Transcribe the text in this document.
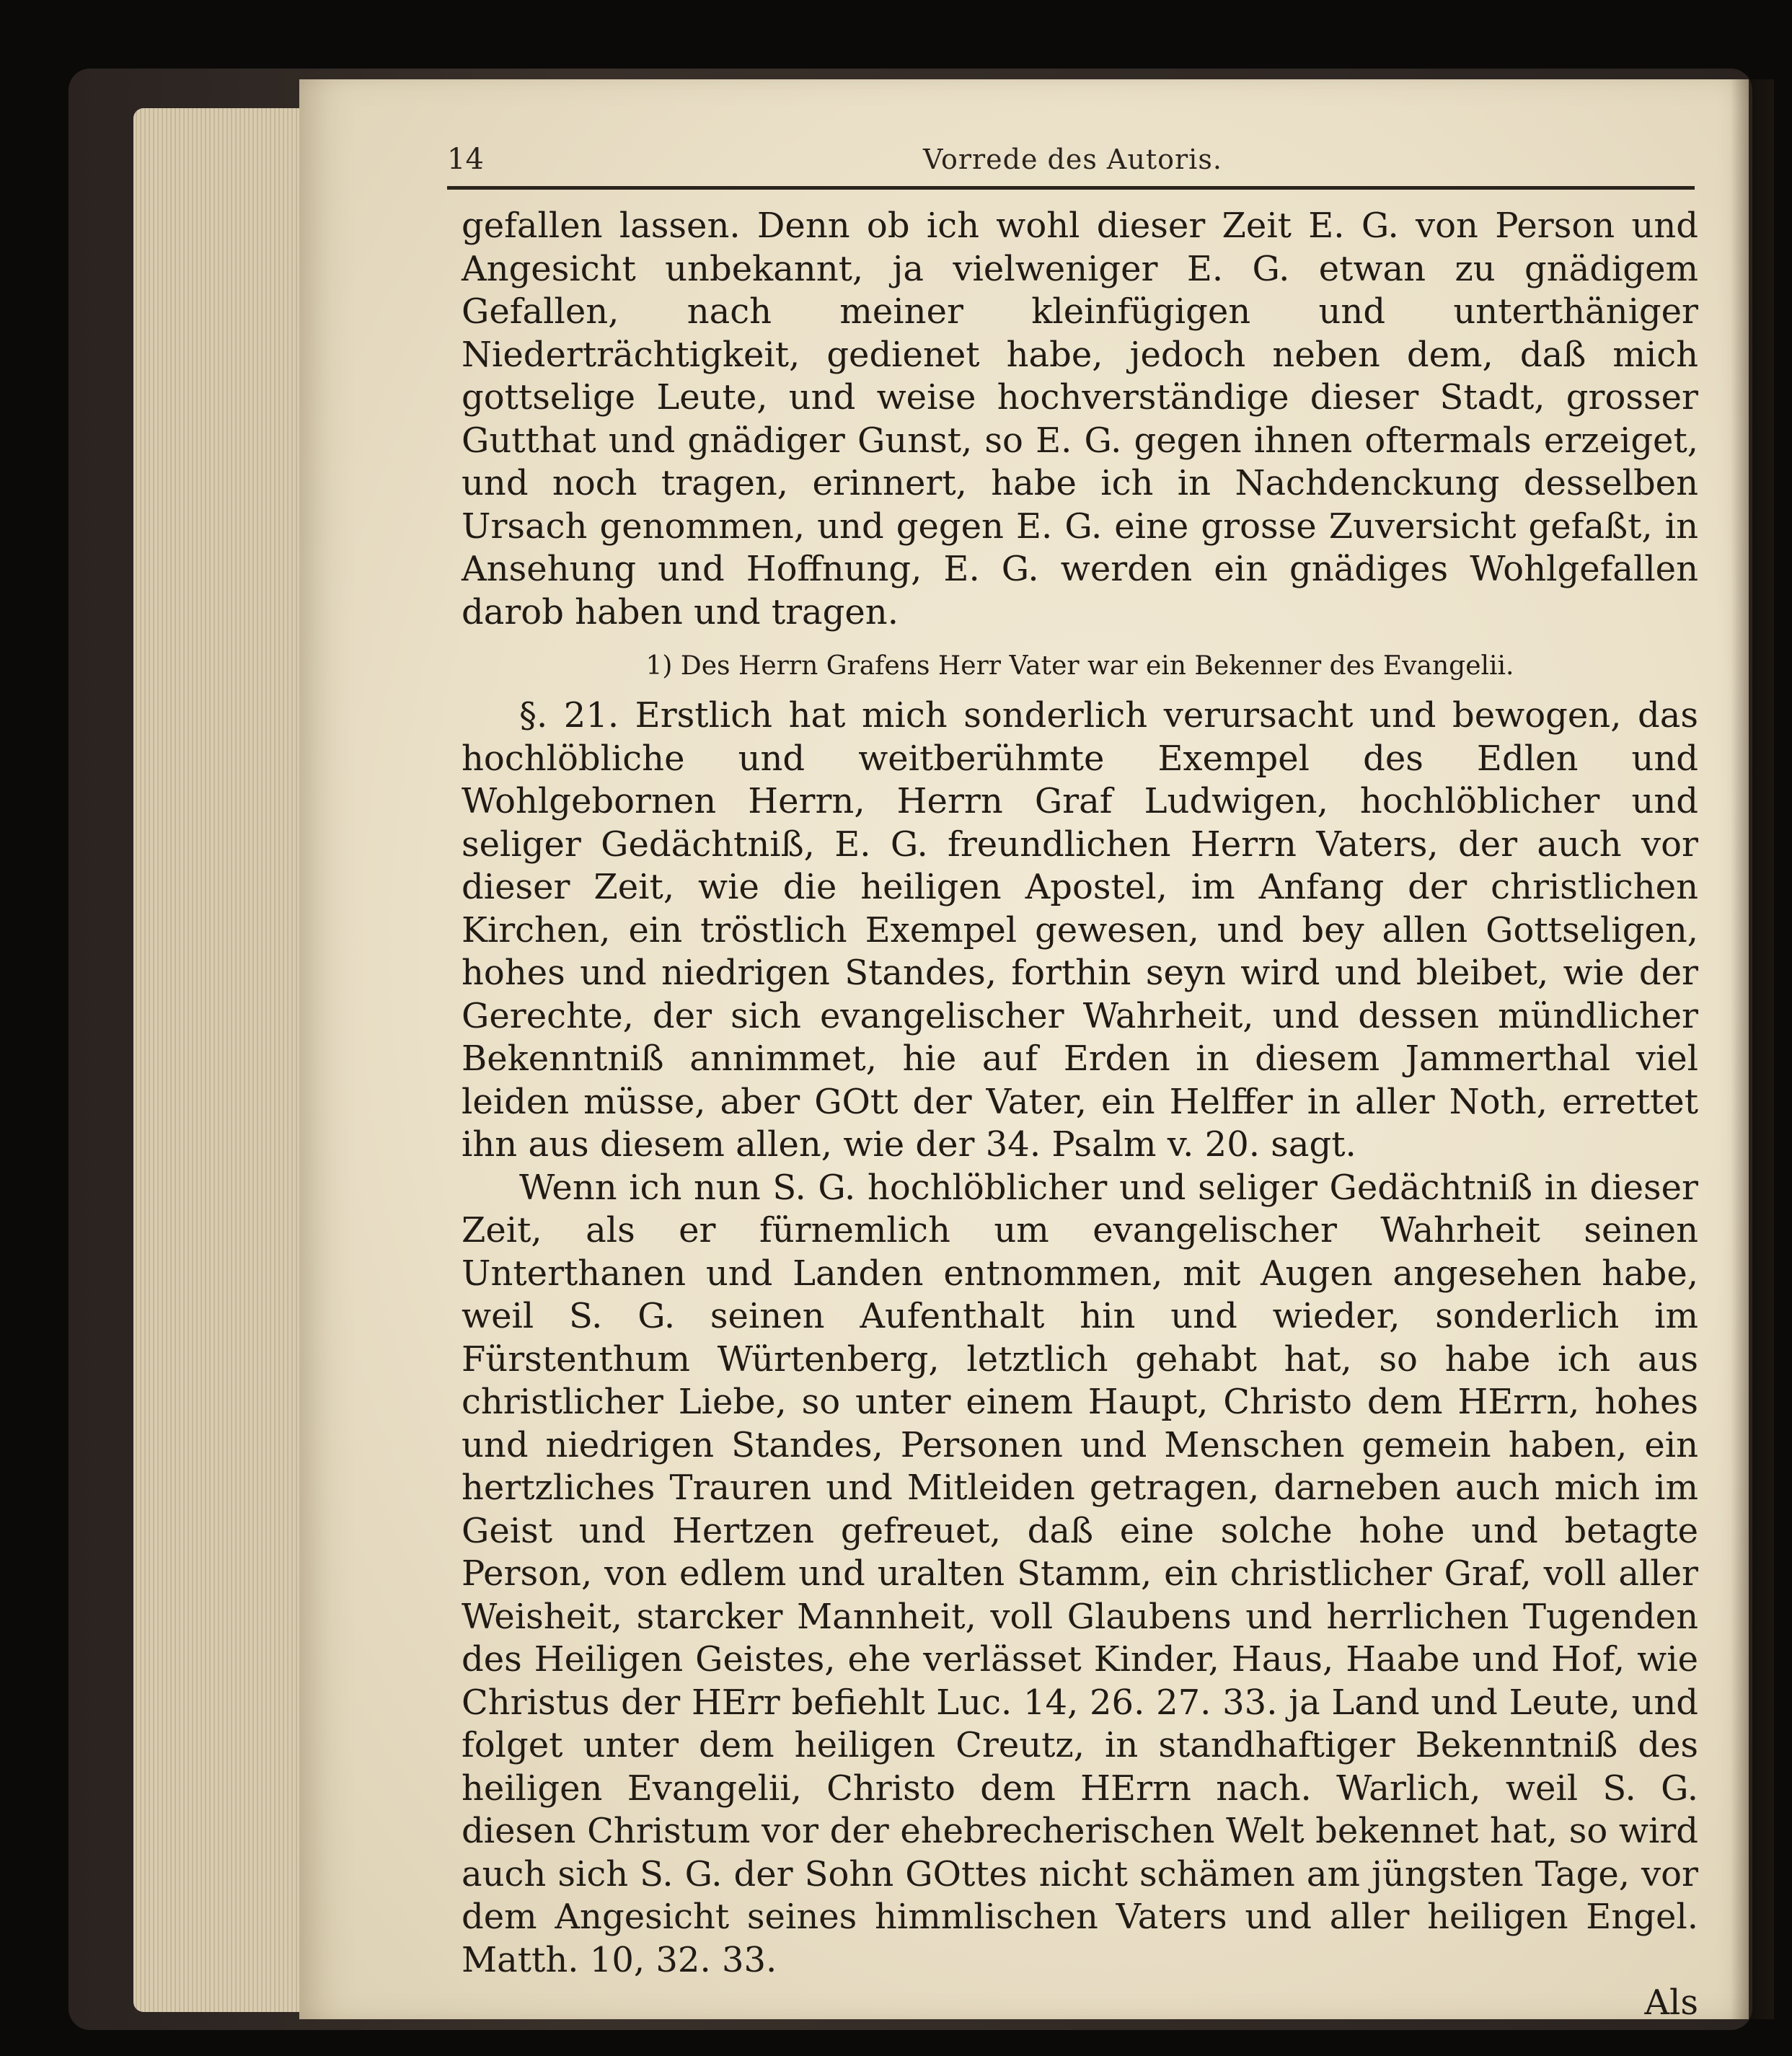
14	Vorrede des Autoris.

gefallen lassen. Denn ob ich wohl dieser Zeit E. G. von Person und Angesicht unbekannt, ja vielweniger E. G. etwan zu gnädigem Gefallen, nach meiner kleinfügigen und unterthäniger Niederträchtigkeit, gedienet habe, jedoch neben dem, daß mich gottselige Leute, und weise hochverständige dieser Stadt, grosser Gutthat und gnädiger Gunst, so E. G. gegen ihnen oftermals erzeiget, und noch tragen, erinnert, habe ich in Nachdenckung desselben Ursach genommen, und gegen E. G. eine grosse Zuversicht gefaßt, in Ansehung und Hoffnung, E. G. werden ein gnädiges Wohlgefallen darob haben und tragen.

1) Des Herrn Grafens Herr Vater war ein Bekenner des Evangelii.

§. 21. Erstlich hat mich sonderlich verursacht und bewogen, das hochlöbliche und weitberühmte Exempel des Edlen und Wohlgebornen Herrn, Herrn Graf Ludwigen, hochlöblicher und seliger Gedächtniß, E. G. freundlichen Herrn Vaters, der auch vor dieser Zeit, wie die heiligen Apostel, im Anfang der christlichen Kirchen, ein tröstlich Exempel gewesen, und bey allen Gottseligen, hohes und niedrigen Standes, forthin seyn wird und bleibet, wie der Gerechte, der sich evangelischer Wahrheit, und dessen mündlicher Bekenntniß annimmet, hie auf Erden in diesem Jammerthal viel leiden müsse, aber GOtt der Vater, ein Helffer in aller Noth, errettet ihn aus diesem allen, wie der 34. Psalm v. 20. sagt.

Wenn ich nun S. G. hochlöblicher und seliger Gedächtniß in dieser Zeit, als er fürnemlich um evangelischer Wahrheit seinen Unterthanen und Landen entnommen, mit Augen angesehen habe, weil S. G. seinen Aufenthalt hin und wieder, sonderlich im Fürstenthum Würtenberg, letztlich gehabt hat, so habe ich aus christlicher Liebe, so unter einem Haupt, Christo dem HErrn, hohes und niedrigen Standes, Personen und Menschen gemein haben, ein hertzliches Trauren und Mitleiden getragen, darneben auch mich im Geist und Hertzen gefreuet, daß eine solche hohe und betagte Person, von edlem und uralten Stamm, ein christlicher Graf, voll aller Weisheit, starcker Mannheit, voll Glaubens und herrlichen Tugenden des Heiligen Geistes, ehe verlässet Kinder, Haus, Haabe und Hof, wie Christus der HErr befiehlt Luc. 14, 26. 27. 33. ja Land und Leute, und folget unter dem heiligen Creutz, in standhaftiger Bekenntniß des heiligen Evangelii, Christo dem HErrn nach. Warlich, weil S. G. diesen Christum vor der ehebrecherischen Welt bekennet hat, so wird auch sich S. G. der Sohn GOttes nicht schämen am jüngsten Tage, vor dem Angesicht seines himmlischen Vaters und aller heiligen Engel. Matth. 10, 32. 33.

Als
